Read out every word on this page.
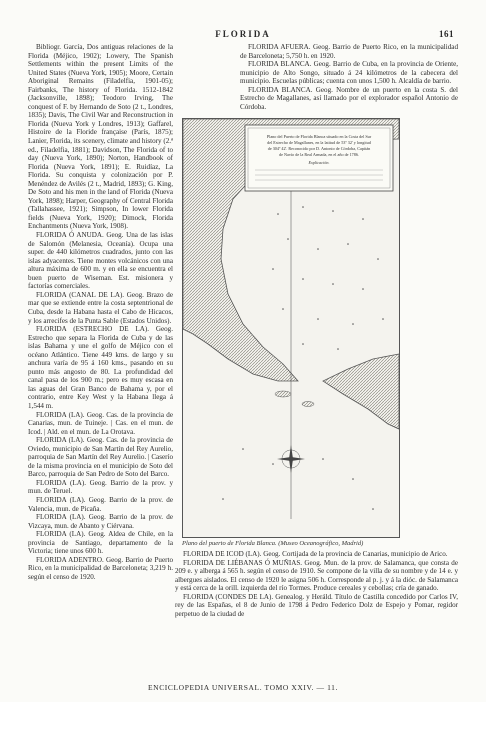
FLORIDA	161

Bibliogr. García, Dos antiguas relaciones de la Florida (Méjico, 1902); Lowery, The Spanish Settlements within the present Limits of the United States (Nueva York, 1905); Moore, Certain Aboriginal Remains (Filadelfia, 1901-05); Fairbanks, The history of Florida. 1512-1842 (Jacksonville, 1898); Teodoro Irving, The conquest of F. by Hernando de Soto (2 t., Londres, 1835); Davis, The Civil War and Reconstruction in Florida (Nueva York y Londres, 1913); Gaffarel, Histoire de la Floride française (París, 1875); Lanier, Florida, its scenery, climate and history (2.ª ed., Filadelfia, 1881); Davidson, The Florida of to day (Nueva York, 1890); Norton, Handbook of Florida (Nueva York, 1891); E. Ruidíaz, La Florida. Su conquista y colonización por P. Menéndez de Avilés (2 t., Madrid, 1893); G. King, De Soto and his men in the land of Florida (Nueva York, 1898); Harper, Geography of Central Florida (Tallahassee, 1921); Simpson, In lower Florida fields (Nueva York, 1920); Dimock, Florida Enchantments (Nueva York, 1908).

FLORIDA Ó ANUDA. Geog. Una de las islas de Salomón (Melanesia, Oceanía). Ocupa una super. de 440 kilómetros cuadrados, junto con las islas adyacentes. Tiene montes volcánicos con una altura máxima de 600 m. y en ella se encuentra el buen puerto de Wiseman. Est. misionera y factorías comerciales.

FLORIDA (CANAL DE LA). Geog. Brazo de mar que se extiende entre la costa septentrional de Cuba, desde la Habana hasta el Cabo de Hicacos, y los arrecifes de la Punta Sable (Estados Unidos).

FLORIDA (ESTRECHO DE LA). Geog. Estrecho que separa la Florida de Cuba y de las islas Bahama y une el golfo de Méjico con el océano Atlántico. Tiene 449 kms. de largo y su anchura varía de 95 á 160 kms., pasando en su punto más angosto de 80. La profundidad del canal pasa de los 900 m.; pero es muy escasa en las aguas del Gran Banco de Bahama y, por el contrario, entre Key West y la Habana llega á 1,544 m.

FLORIDA (LA). Geog. Cas. de la provincia de Canarias, mun. de Tuineje. | Cas. en el mun. de Icod. | Ald. en el mun. de La Orotava.

FLORIDA (LA). Geog. Cas. de la provincia de Oviedo, municipio de San Martín del Rey Aurelio, parroquia de San Martín del Rey Aurelio. | Caserío de la misma provincia en el municipio de Soto del Barco, parroquia de San Pedro de Soto del Barco.

FLORIDA (LA). Geog. Barrio de la prov. y mun. de Teruel.

FLORIDA (LA). Geog. Barrio de la prov. de Valencia, mun. de Picaña.

FLORIDA (LA). Geog. Barrio de la prov. de Vizcaya, mun. de Abanto y Ciérvana.

FLORIDA (LA). Geog. Aldea de Chile, en la provincia de Santiago, departamento de la Victoria; tiene unos 600 h.

FLORIDA ADENTRO. Geog. Barrio de Puerto Rico, en la municipalidad de Barceloneta; 3,219 h. según el censo de 1920.

FLORIDA AFUERA. Geog. Barrio de Puerto Rico, en la municipalidad de Barceloneta; 5,750 h. en 1920.

FLORIDA BLANCA. Geog. Barrio de Cuba, en la provincia de Oriente, municipio de Alto Songo, situado á 24 kilómetros de la cabecera del municipio. Escuelas públicas; cuenta con unos 1,500 h. Alcaldía de barrio.

FLORIDA BLANCA. Geog. Nombre de un puerto en la costa S. del Estrecho de Magallanes, así llamado por el explorador español Antonio de Córdoba.

Plano del Puerto de Florida Blanca situado en la Costa del Sur
del Estrecho de Magallanes, en la latitud de 53º 32' y longitud
de 304º 42'. Reconocido por D. Antonio de Córdoba, Capitán
de Navío de la Real Armada, en el año de 1786.
Explicación.
Plano del puerto de Florida Blanca. (Museo Oceanográfico, Madrid)

FLORIDA DE ICOD (LA). Geog. Cortijada de la provincia de Canarias, municipio de Arico.

FLORIDA DE LIÉBANAS Ó MUÑIAS. Geog. Mun. de la prov. de Salamanca, que consta de 209 e. y alberga á 565 h. según el censo de 1910. Se compone de la villa de su nombre y de 14 e. y albergues aislados. El censo de 1920 le asigna 506 h. Corresponde al p. j. y á la dióc. de Salamanca y está cerca de la orill. izquierda del río Tormes. Produce cereales y cebollas; cría de ganado.

FLORIDA (CONDES DE LA). Genealog. y Heráld. Título de Castilla concedido por Carlos IV, rey de las Españas, el 8 de Junio de 1798 á Pedro Federico Dolz de Espejo y Pomar, regidor perpetuo de la ciudad de

ENCICLOPEDIA UNIVERSAL. TOMO XXIV. — 11.
